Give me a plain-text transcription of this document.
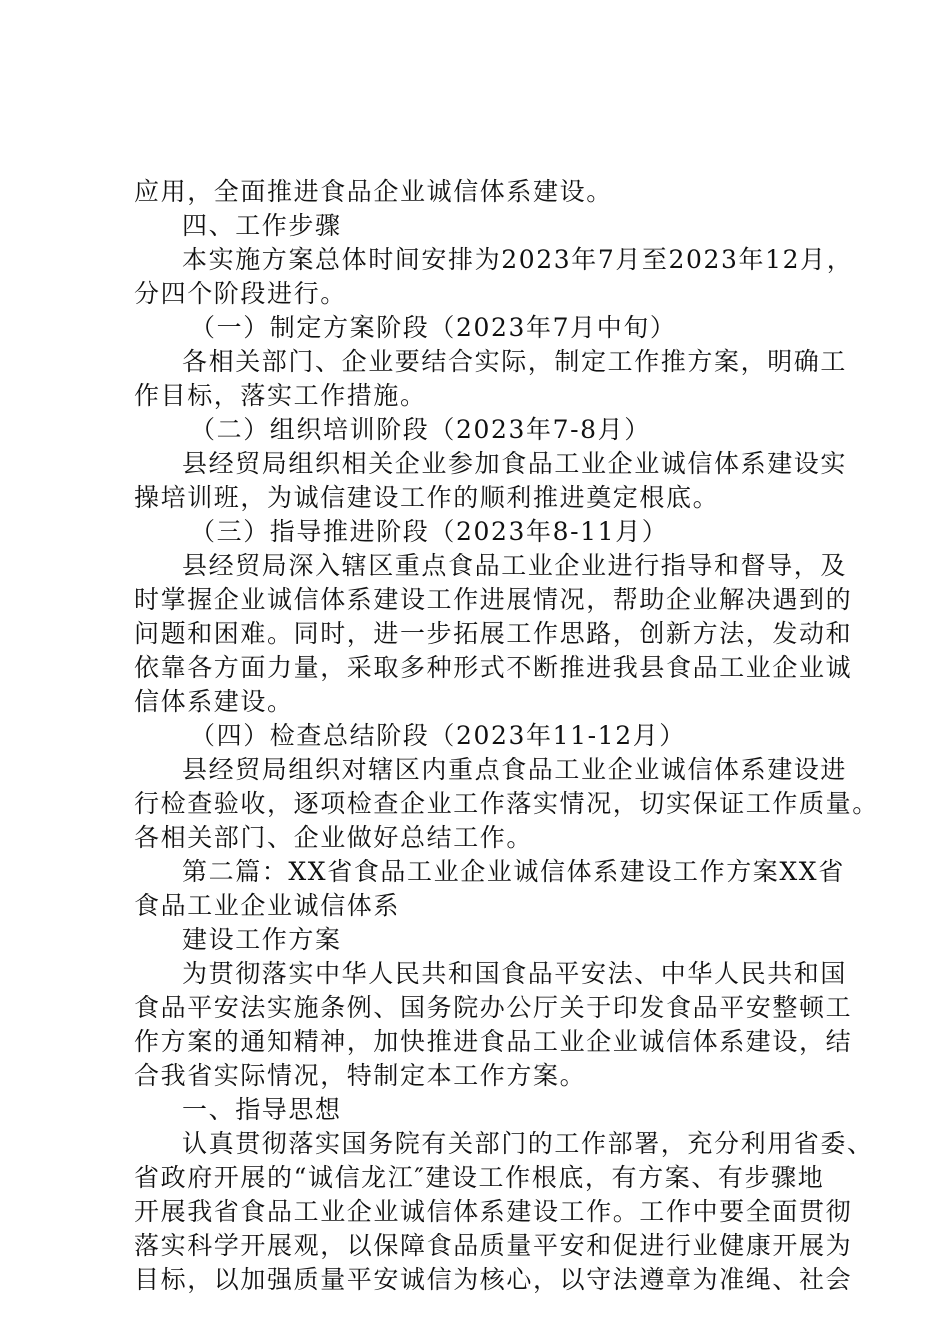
应用，全面推进食品企业诚信体系建设。
四、工作步骤
本实施方案总体时间安排为2023年7月至2023年12月，
分四个阶段进行。
（一）制定方案阶段（2023年7月中旬）
各相关部门、企业要结合实际，制定工作推方案，明确工
作目标，落实工作措施。
（二）组织培训阶段（2023年7-8月）
县经贸局组织相关企业参加食品工业企业诚信体系建设实
操培训班，为诚信建设工作的顺利推进奠定根底。
（三）指导推进阶段（2023年8-11月）
县经贸局深入辖区重点食品工业企业进行指导和督导，及
时掌握企业诚信体系建设工作进展情况，帮助企业解决遇到的
问题和困难。同时，进一步拓展工作思路，创新方法，发动和
依靠各方面力量，采取多种形式不断推进我县食品工业企业诚
信体系建设。
（四）检查总结阶段（2023年11-12月）
县经贸局组织对辖区内重点食品工业企业诚信体系建设进
行检查验收，逐项检查企业工作落实情况，切实保证工作质量。
各相关部门、企业做好总结工作。
第二篇：XX省食品工业企业诚信体系建设工作方案XX省
食品工业企业诚信体系
建设工作方案
为贯彻落实中华人民共和国食品平安法、中华人民共和国
食品平安法实施条例、国务院办公厅关于印发食品平安整顿工
作方案的通知精神，加快推进食品工业企业诚信体系建设，结
合我省实际情况，特制定本工作方案。
一、指导思想
认真贯彻落实国务院有关部门的工作部署，充分利用省委、
省政府开展的“诚信龙江″建设工作根底，有方案、有步骤地
开展我省食品工业企业诚信体系建设工作。工作中要全面贯彻
落实科学开展观，以保障食品质量平安和促进行业健康开展为
目标，以加强质量平安诚信为核心，以守法遵章为准绳、社会
